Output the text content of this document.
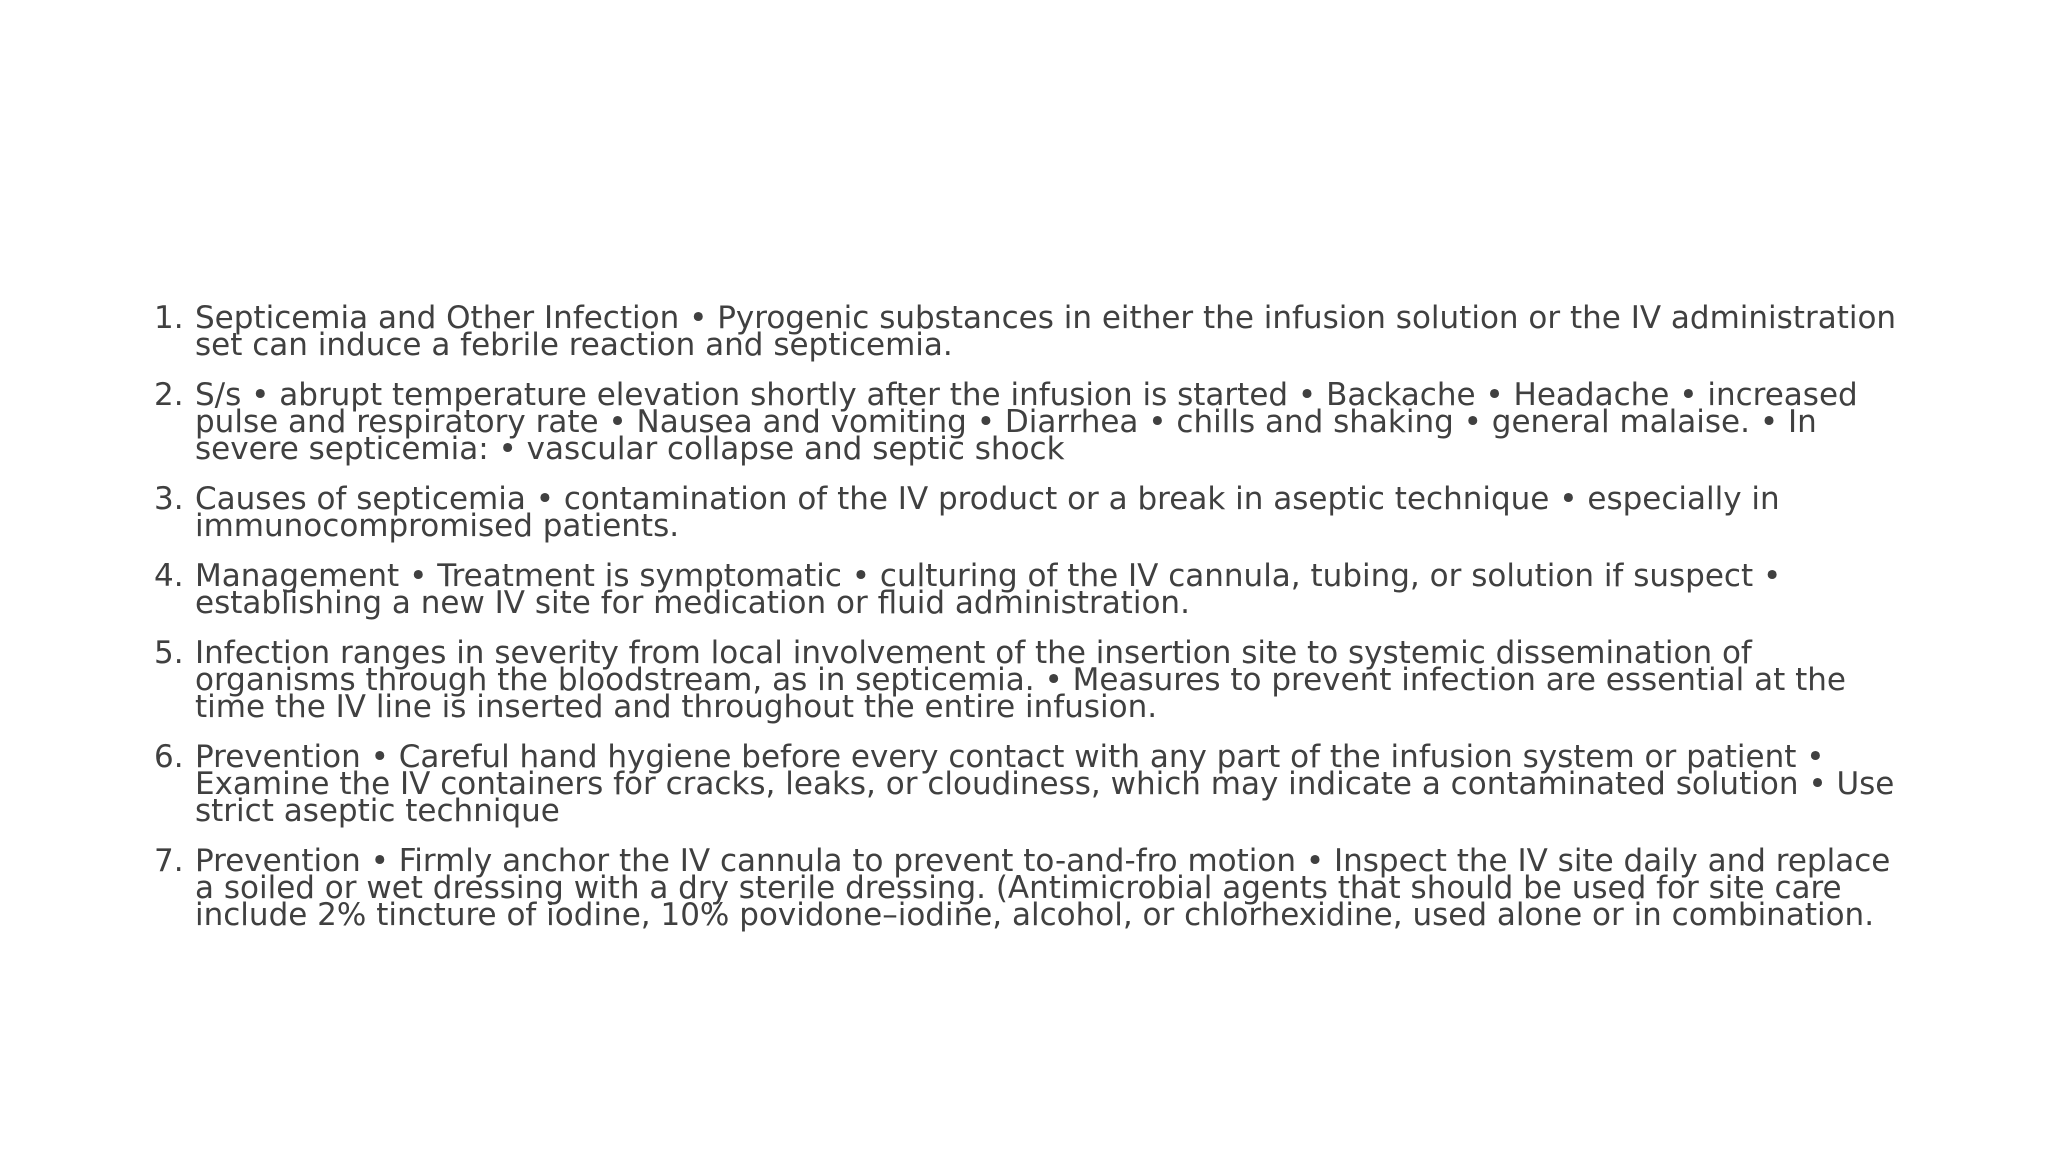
1. Septicemia and Other Infection • Pyrogenic substances in either the infusion solution or the IV administration set can induce a febrile reaction and septicemia.
2. S/s • abrupt temperature elevation shortly after the infusion is started • Backache • Headache • increased pulse and respiratory rate • Nausea and vomiting • Diarrhea • chills and shaking • general malaise. • In severe septicemia: • vascular collapse and septic shock
3. Causes of septicemia • contamination of the IV product or a break in aseptic technique • especially in immunocompromised patients.
4. Management • Treatment is symptomatic • culturing of the IV cannula, tubing, or solution if suspect • establishing a new IV site for medication or fluid administration.
5. Infection ranges in severity from local involvement of the insertion site to systemic dissemination of organisms through the bloodstream, as in septicemia. • Measures to prevent infection are essential at the time the IV line is inserted and throughout the entire infusion.
6. Prevention • Careful hand hygiene before every contact with any part of the infusion system or patient • Examine the IV containers for cracks, leaks, or cloudiness, which may indicate a contaminated solution • Use strict aseptic technique
7. Prevention • Firmly anchor the IV cannula to prevent to-and-fro motion • Inspect the IV site daily and replace a soiled or wet dressing with a dry sterile dressing. (Antimicrobial agents that should be used for site care include 2% tincture of iodine, 10% povidone–iodine, alcohol, or chlorhexidine, used alone or in combination.
